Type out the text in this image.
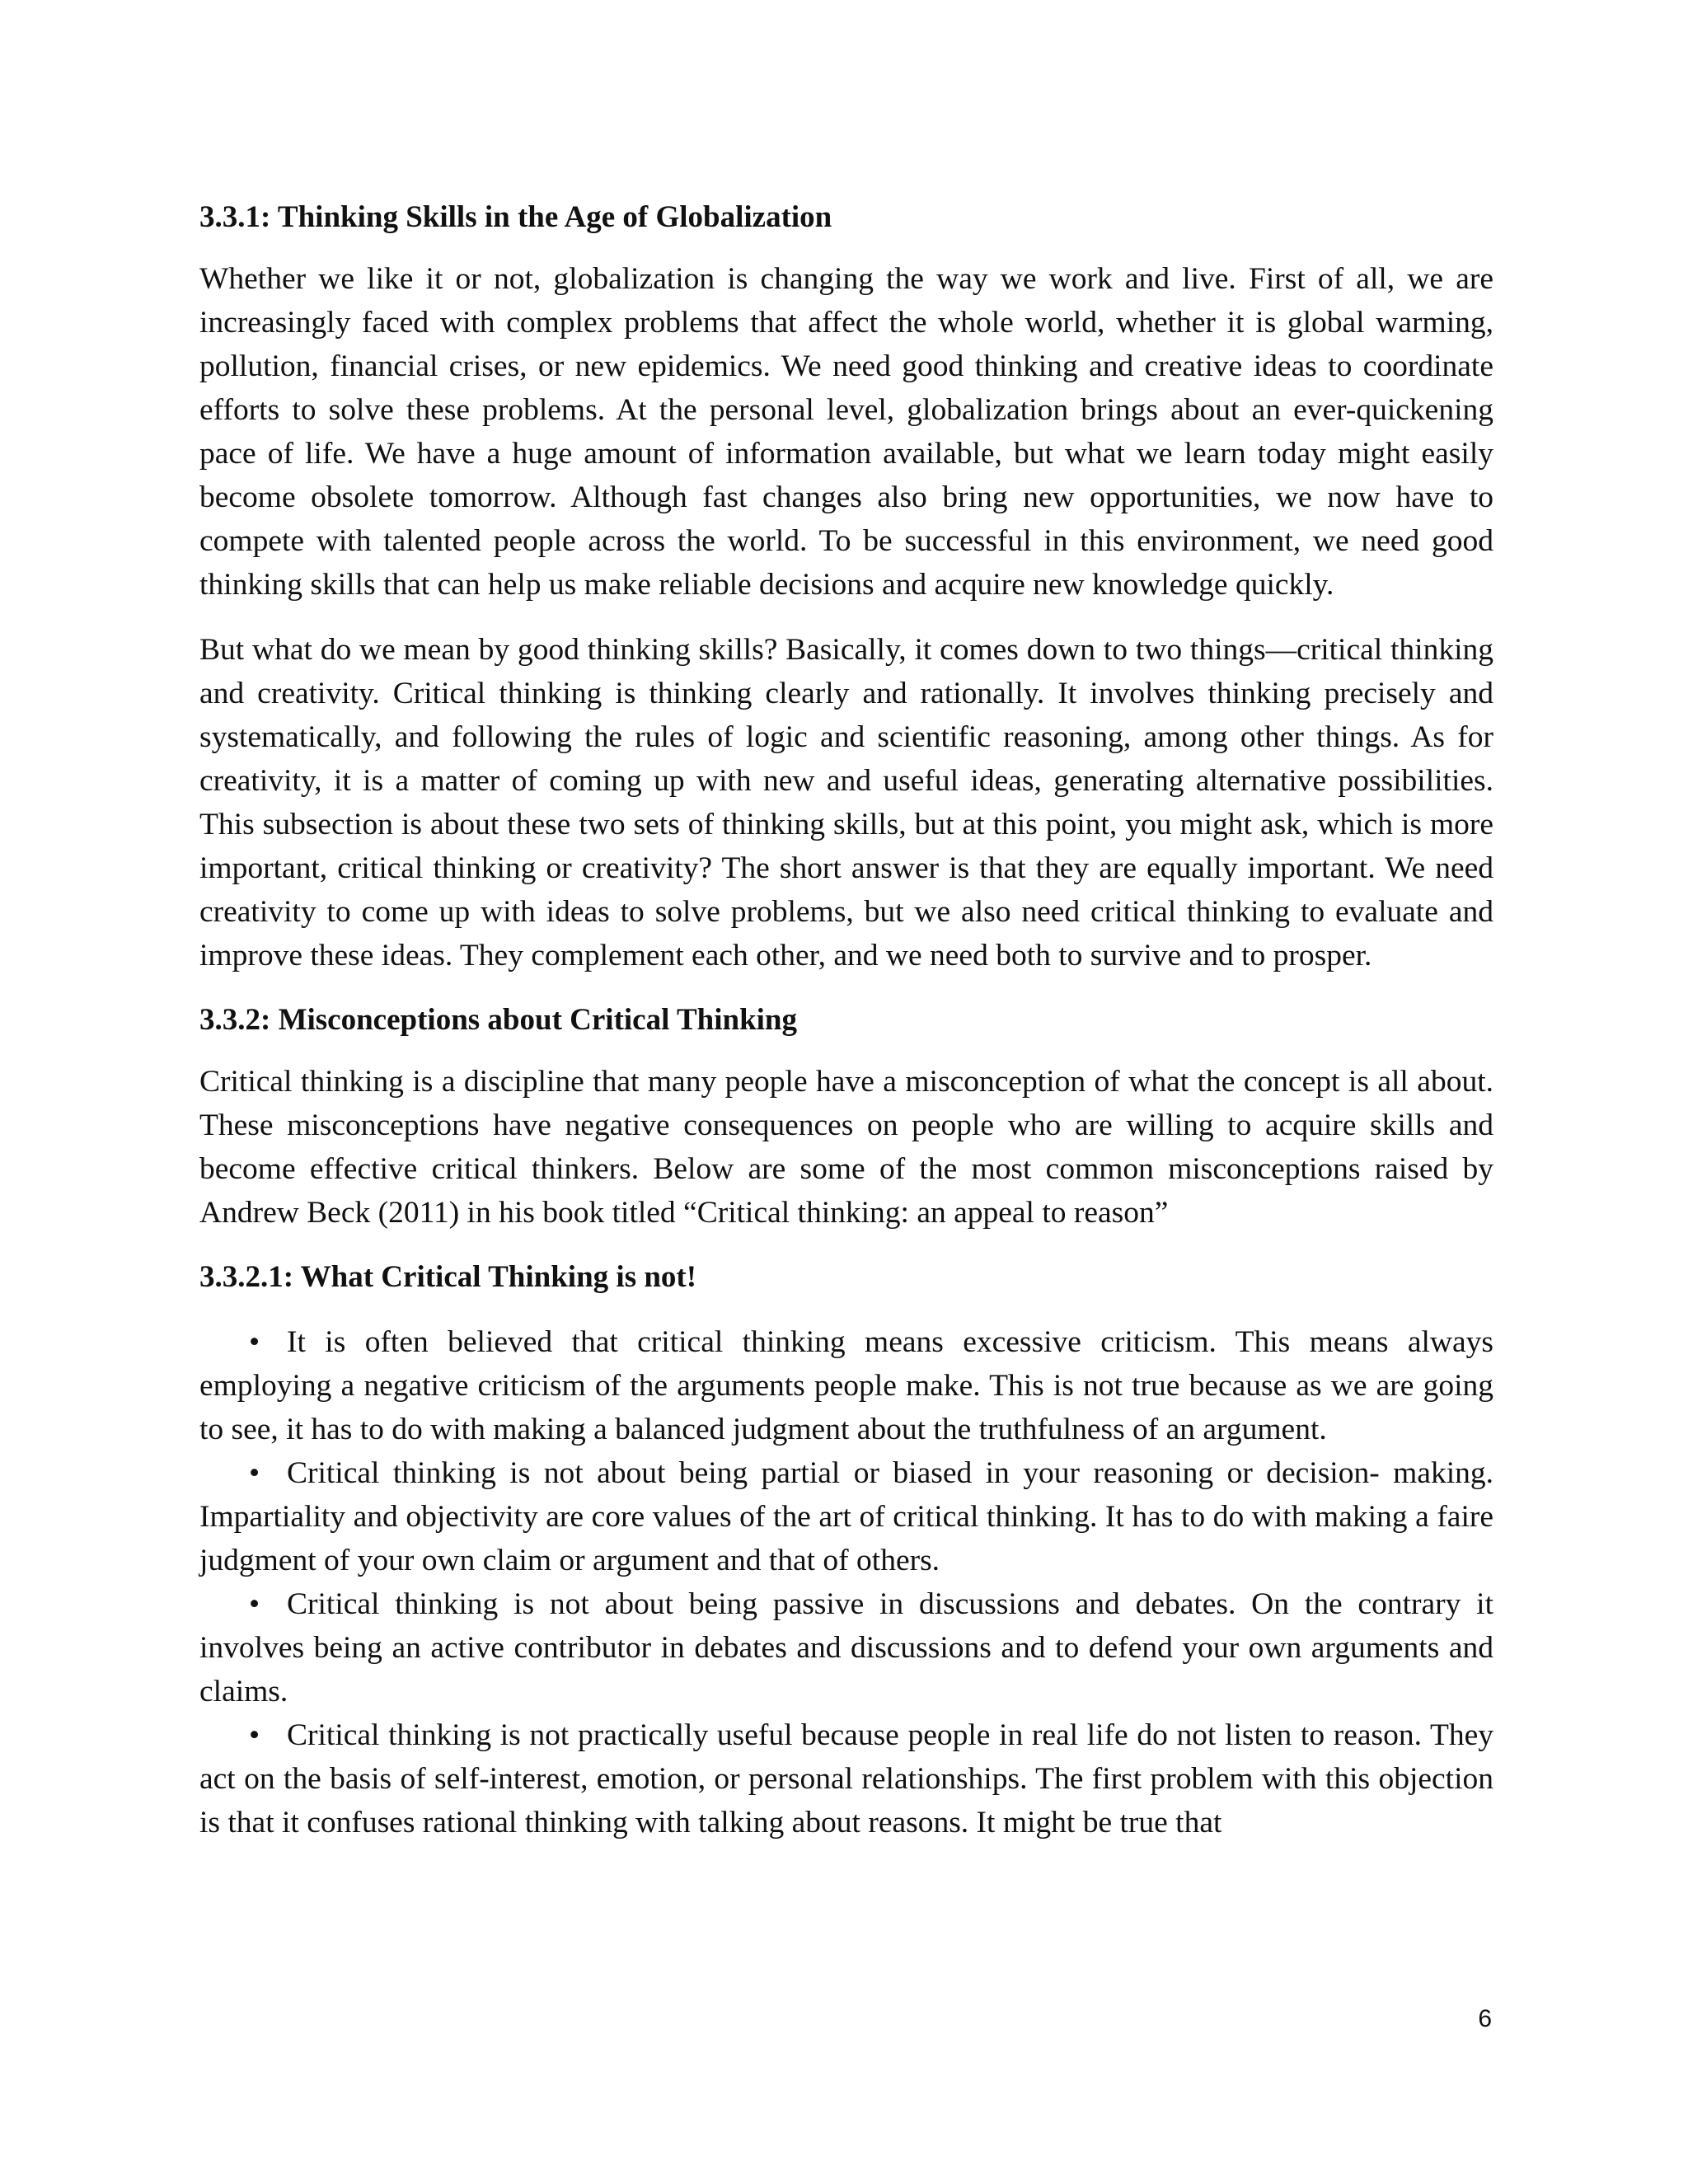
3.3.1: Thinking Skills in the Age of Globalization

Whether we like it or not, globalization is changing the way we work and live. First of all, we are increasingly faced with complex problems that affect the whole world, whether it is global warming, pollution, financial crises, or new epidemics. We need good thinking and creative ideas to coordinate efforts to solve these problems. At the personal level, globalization brings about an ever-quickening pace of life. We have a huge amount of information available, but what we learn today might easily become obsolete tomorrow. Although fast changes also bring new opportunities, we now have to compete with talented people across the world. To be successful in this environment, we need good thinking skills that can help us make reliable decisions and acquire new knowledge quickly.

But what do we mean by good thinking skills? Basically, it comes down to two things—critical thinking and creativity. Critical thinking is thinking clearly and rationally. It involves thinking precisely and systematically, and following the rules of logic and scientific reasoning, among other things. As for creativity, it is a matter of coming up with new and useful ideas, generating alternative possibilities. This subsection is about these two sets of thinking skills, but at this point, you might ask, which is more important, critical thinking or creativity? The short answer is that they are equally important. We need creativity to come up with ideas to solve problems, but we also need critical thinking to evaluate and improve these ideas. They complement each other, and we need both to survive and to prosper.

3.3.2: Misconceptions about Critical Thinking

Critical thinking is a discipline that many people have a misconception of what the concept is all about. These misconceptions have negative consequences on people who are willing to acquire skills and become effective critical thinkers. Below are some of the most common misconceptions raised by Andrew Beck (2011) in his book titled “Critical thinking: an appeal to reason”

3.3.2.1: What Critical Thinking is not!
• It is often believed that critical thinking means excessive criticism. This means always employing a negative criticism of the arguments people make. This is not true because as we are going to see, it has to do with making a balanced judgment about the truthfulness of an argument.
• Critical thinking is not about being partial or biased in your reasoning or decision- making. Impartiality and objectivity are core values of the art of critical thinking. It has to do with making a faire judgment of your own claim or argument and that of others.
• Critical thinking is not about being passive in discussions and debates. On the contrary it involves being an active contributor in debates and discussions and to defend your own arguments and claims.
• Critical thinking is not practically useful because people in real life do not listen to reason. They act on the basis of self-interest, emotion, or personal relationships. The first problem with this objection is that it confuses rational thinking with talking about reasons. It might be true that
6
